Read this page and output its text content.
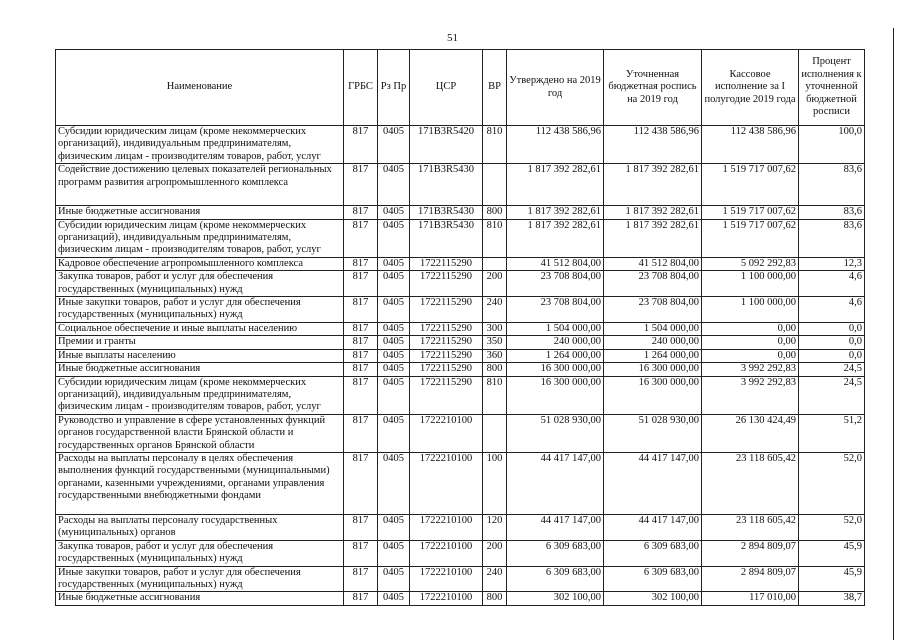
51
Наименование	ГРБС	Рз Пр	ЦСР	ВР	Утверждено на 2019 год	Уточненная бюджетная роспись на 2019 год	Кассовое исполнение за I полугодие 2019 года	Процент исполнения к уточненной бюджетной росписи
Субсидии юридическим лицам (кроме некоммерческих организаций), индивидуальным предпринимателям, физическим лицам - производителям товаров, работ, услуг	817	0405	171В3R5420	810	112 438 586,96	112 438 586,96	112 438 586,96	100,0
Содействие достижению целевых показателей региональных программ развития агропромышленного комплекса	817	0405	171В3R5430		1 817 392 282,61	1 817 392 282,61	1 519 717 007,62	83,6
Иные бюджетные ассигнования	817	0405	171В3R5430	800	1 817 392 282,61	1 817 392 282,61	1 519 717 007,62	83,6
Субсидии юридическим лицам (кроме некоммерческих организаций), индивидуальным предпринимателям, физическим лицам - производителям товаров, работ, услуг	817	0405	171В3R5430	810	1 817 392 282,61	1 817 392 282,61	1 519 717 007,62	83,6
Кадровое обеспечение агропромышленного комплекса	817	0405	1722115290		41 512 804,00	41 512 804,00	5 092 292,83	12,3
Закупка товаров, работ и услуг для обеспечения государственных (муниципальных) нужд	817	0405	1722115290	200	23 708 804,00	23 708 804,00	1 100 000,00	4,6
Иные закупки товаров, работ и услуг для обеспечения государственных (муниципальных) нужд	817	0405	1722115290	240	23 708 804,00	23 708 804,00	1 100 000,00	4,6
Социальное обеспечение и иные выплаты населению	817	0405	1722115290	300	1 504 000,00	1 504 000,00	0,00	0,0
Премии и гранты	817	0405	1722115290	350	240 000,00	240 000,00	0,00	0,0
Иные выплаты населению	817	0405	1722115290	360	1 264 000,00	1 264 000,00	0,00	0,0
Иные бюджетные ассигнования	817	0405	1722115290	800	16 300 000,00	16 300 000,00	3 992 292,83	24,5
Субсидии юридическим лицам (кроме некоммерческих организаций), индивидуальным предпринимателям, физическим лицам - производителям товаров, работ, услуг	817	0405	1722115290	810	16 300 000,00	16 300 000,00	3 992 292,83	24,5
Руководство и управление в сфере установленных функций органов государственной власти Брянской области и государственных органов Брянской области	817	0405	1722210100		51 028 930,00	51 028 930,00	26 130 424,49	51,2
Расходы на выплаты персоналу в целях обеспечения выполнения функций государственными (муниципальными) органами, казенными учреждениями, органами управления государственными внебюджетными фондами	817	0405	1722210100	100	44 417 147,00	44 417 147,00	23 118 605,42	52,0
Расходы на выплаты персоналу государственных (муниципальных) органов	817	0405	1722210100	120	44 417 147,00	44 417 147,00	23 118 605,42	52,0
Закупка товаров, работ и услуг для обеспечения государственных (муниципальных) нужд	817	0405	1722210100	200	6 309 683,00	6 309 683,00	2 894 809,07	45,9
Иные закупки товаров, работ и услуг для обеспечения государственных (муниципальных) нужд	817	0405	1722210100	240	6 309 683,00	6 309 683,00	2 894 809,07	45,9
Иные бюджетные ассигнования	817	0405	1722210100	800	302 100,00	302 100,00	117 010,00	38,7
